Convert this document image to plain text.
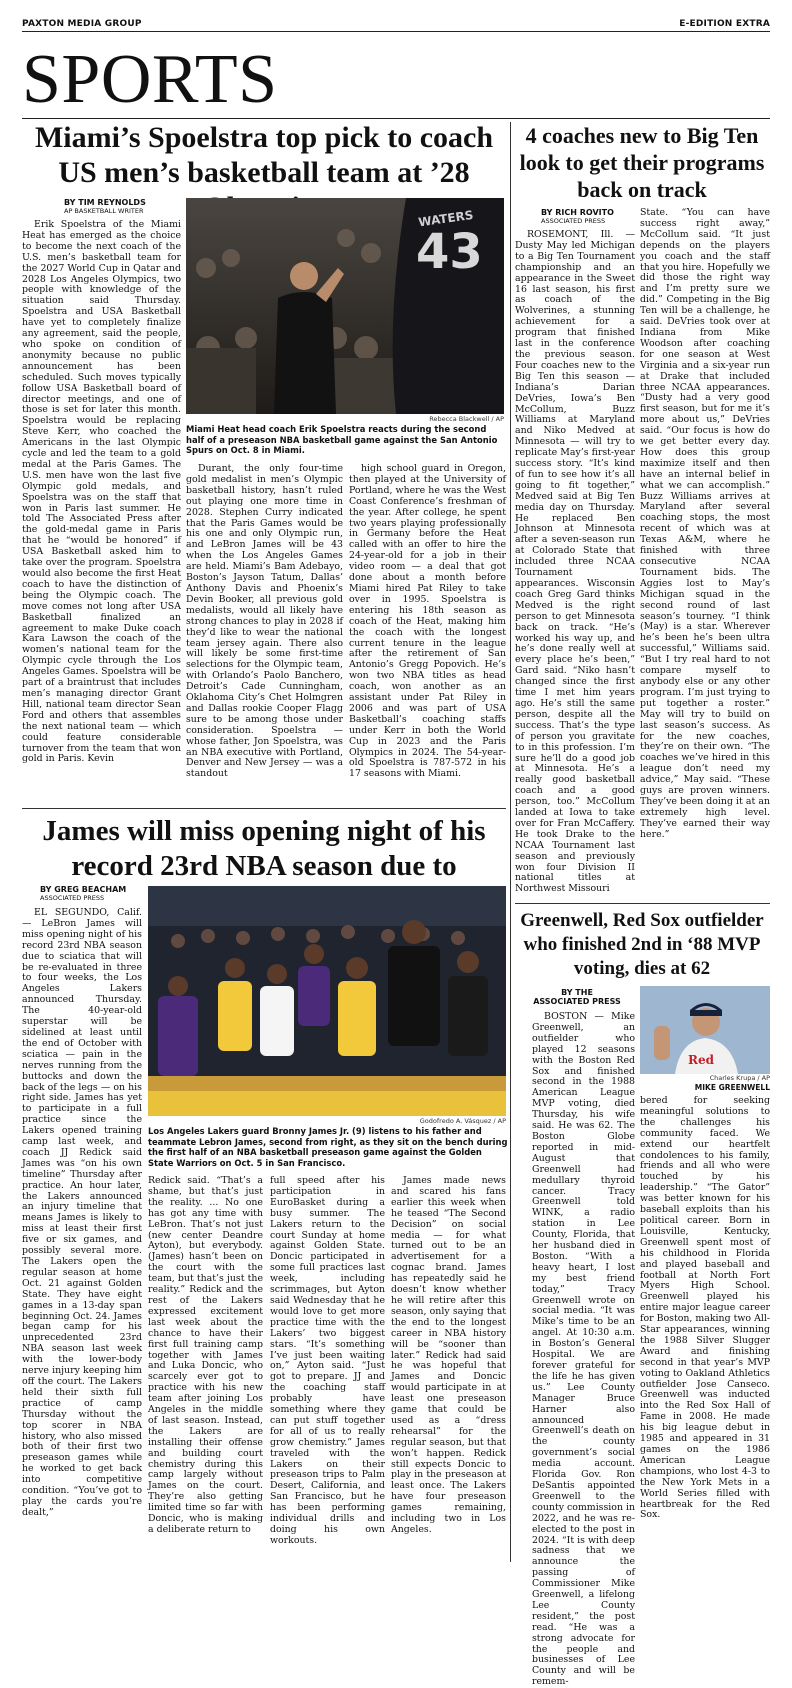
PAXTON MEDIA GROUP	E-EDITION EXTRA
SPORTS
Miami’s Spoelstra top pick to coach US men’s basketball team at ’28
BY TIM REYNOLDS
AP BASKETBALL WRITER
43
WATERS
Rebecca Blackwell / AP
Miami Heat head coach Erik Spoelstra reacts during the second half of a preseason NBA basketball game against the San Antonio Spurs on Oct. 8 in Miami.
Erik Spoelstra of the Miami Heat has emerged as the choice to become the next coach of the U.S. men’s basketball team for the 2027 World Cup in Qatar and 2028 Los Angeles Olympics, two people with knowledge of the situation said Thursday. Spoelstra and USA Basketball have yet to completely finalize any agreement, said the people, who spoke on condition of anonymity because no public announcement has been scheduled. Such moves typically follow USA Basketball board of director meetings, and one of those is set for later this month. Spoelstra would be replacing Steve Kerr, who coached the Americans in the last Olympic cycle and led the team to a gold medal at the Paris Games. The U.S. men have won the last five Olympic gold medals, and Spoelstra was on the staff that won in Paris last summer. He told The Associated Press after the gold-medal game in Paris that he “would be honored” if USA Basketball asked him to take over the program. Spoelstra would also become the first Heat coach to have the distinction of being the Olympic coach. The move comes not long after USA Basketball finalized an agreement to make Duke coach Kara Lawson the coach of the women’s national team for the Olympic cycle through the Los Angeles Games. Spoelstra will be part of a braintrust that includes men’s managing director Grant Hill, national team director Sean Ford and others that assembles the next national team — which could feature considerable turnover from the team that won gold in Paris. Kevin
Durant, the only four-time gold medalist in men’s Olympic basketball history, hasn’t ruled out playing one more time in 2028. Stephen Curry indicated that the Paris Games would be his one and only Olympic run, and LeBron James will be 43 when the Los Angeles Games are held. Miami’s Bam Adebayo, Boston’s Jayson Tatum, Dallas’ Anthony Davis and Phoenix’s Devin Booker, all previous gold medalists, would all likely have strong chances to play in 2028 if they’d like to wear the national team jersey again. There also will likely be some first-time selections for the Olympic team, with Orlando’s Paolo Banchero, Detroit’s Cade Cunningham, Oklahoma City’s Chet Holmgren and Dallas rookie Cooper Flagg sure to be among those under consideration. Spoelstra — whose father, Jon Spoelstra, was an NBA executive with Portland, Denver and New Jersey — was a standout
high school guard in Oregon, then played at the University of Portland, where he was the West Coast Conference’s freshman of the year. After college, he spent two years playing professionally in Germany before the Heat called with an offer to hire the 24-year-old for a job in their video room — a deal that got done about a month before Miami hired Pat Riley to take over in 1995. Spoelstra is entering his 18th season as coach of the Heat, making him the coach with the longest current tenure in the league after the retirement of San Antonio’s Gregg Popovich. He’s won two NBA titles as head coach, won another as an assistant under Pat Riley in 2006 and was part of USA Basketball’s coaching staffs under Kerr in both the World Cup in 2023 and the Paris Olympics in 2024. The 54-year-old Spoelstra is 787-572 in his 17 seasons with Miami.
4 coaches new to Big Ten look to get their programs back on track
BY RICH ROVITO
ASSOCIATED PRESS
ROSEMONT, Ill. — Dusty May led Michigan to a Big Ten Tournament championship and an appearance in the Sweet 16 last season, his first as coach of the Wolverines, a stunning achievement for a program that finished last in the conference the previous season. Four coaches new to the Big Ten this season — Indiana’s Darian DeVries, Iowa’s Ben McCollum, Buzz Williams at Maryland and Niko Medved at Minnesota — will try to replicate May’s first-year success story. “It’s kind of fun to see how it’s all going to fit together,” Medved said at Big Ten media day on Thursday. He replaced Ben Johnson at Minnesota after a seven-season run at Colorado State that included three NCAA Tournament appearances. Wisconsin coach Greg Gard thinks Medved is the right person to get Minnesota back on track. “He’s worked his way up, and he’s done really well at every place he’s been,” Gard said. “Niko hasn’t changed since the first time I met him years ago. He’s still the same person, despite all the success. That’s the type of person you gravitate to in this profession. I’m sure he’ll do a good job at Minnesota. He’s a really good basketball coach and a good person, too.” McCollum landed at Iowa to take over for Fran McCaffery. He took Drake to the NCAA Tournament last season and previously won four Division II national titles at Northwest Missouri
State. “You can have success right away,” McCollum said. “It just depends on the players you coach and the staff that you hire. Hopefully we did those the right way and I’m pretty sure we did.” Competing in the Big Ten will be a challenge, he said. DeVries took over at Indiana from Mike Woodson after coaching for one season at West Virginia and a six-year run at Drake that included three NCAA appearances. “Dusty had a very good first season, but for me it’s more about us,” DeVries said. “Our focus is how do we get better every day. How does this group maximize itself and then have an internal belief in what we can accomplish.” Buzz Williams arrives at Maryland after several coaching stops, the most recent of which was at Texas A&M, where he finished with three consecutive NCAA Tournament bids. The Aggies lost to May’s Michigan squad in the second round of last season’s tourney. “I think (May) is a star. Wherever he’s been he’s been ultra successful,” Williams said. “But I try real hard to not compare myself to anybody else or any other program. I’m just trying to put together a roster.” May will try to build on last season’s success. As for the new coaches, they’re on their own. “The coaches we’ve hired in this league don’t need my advice,” May said. “These guys are proven winners. They’ve been doing it at an extremely high level. They’ve earned their way here.”
James will miss opening night of his record 23rd NBA season due to
BY GREG BEACHAM
ASSOCIATED PRESS
Godofredo A. Vásquez / AP
Los Angeles Lakers guard Bronny James Jr. (9) listens to his father and teammate Lebron James, second from right, as they sit on the bench during the first half of an NBA basketball preseason game against the Golden State Warriors on Oct. 5 in San Francisco.
EL SEGUNDO, Calif. — LeBron James will miss opening night of his record 23rd NBA season due to sciatica that will be re-evaluated in three to four weeks, the Los Angeles Lakers announced Thursday. The 40-year-old superstar will be sidelined at least until the end of October with sciatica — pain in the nerves running from the buttocks and down the back of the legs — on his right side. James has yet to participate in a full practice since the Lakers opened training camp last week, and coach JJ Redick said James was “on his own timeline” Thursday after practice. An hour later, the Lakers announced an injury timeline that means James is likely to miss at least their first five or six games, and possibly several more. The Lakers open the regular season at home Oct. 21 against Golden State. They have eight games in a 13-day span beginning Oct. 24. James began camp for his unprecedented 23rd NBA season last week with the lower-body nerve injury keeping him off the court. The Lakers held their sixth full practice of camp Thursday without the top scorer in NBA history, who also missed both of their first two preseason games while he worked to get back into competitive condition. “You’ve got to play the cards you’re dealt,”
Redick said. “That’s a shame, but that’s just the reality. ... No one has got any time with LeBron. That’s not just (new center Deandre Ayton), but everybody. (James) hasn’t been on the court with the team, but that’s just the reality.” Redick and the rest of the Lakers expressed excitement last week about the chance to have their first full training camp together with James and Luka Doncic, who scarcely ever got to practice with his new team after joining Los Angeles in the middle of last season. Instead, the Lakers are installing their offense and building court chemistry during this camp largely without James on the court. They’re also getting limited time so far with Doncic, who is making a deliberate return to
full speed after his participation in EuroBasket during a busy summer. The Lakers return to the court Sunday at home against Golden State. Doncic participated in some full practices last week, including scrimmages, but Ayton said Wednesday that he would love to get more practice time with the Lakers’ two biggest stars. “It’s something I’ve just been waiting on,” Ayton said. “Just got to prepare. JJ and the coaching staff probably have something where they can put stuff together for all of us to really grow chemistry.” James traveled with the Lakers on their preseason trips to Palm Desert, California, and San Francisco, but he has been performing individual drills and doing his own workouts.
James made news and scared his fans earlier this week when he teased “The Second Decision” on social media — for what turned out to be an advertisement for a cognac brand. James has repeatedly said he doesn’t know whether he will retire after this season, only saying that the end to the longest career in NBA history will be “sooner than later.” Redick had said he was hopeful that James and Doncic would participate in at least one preseason game that could be used as a “dress rehearsal” for the regular season, but that won’t happen. Redick still expects Doncic to play in the preseason at least once. The Lakers have four preseason games remaining, including two in Los Angeles.
Greenwell, Red Sox outfielder who finished 2nd in ‘88 MVP voting, dies at 62
BY THE ASSOCIATED PRESS
Red
Charles Krupa / AP
MIKE GREENWELL
BOSTON — Mike Greenwell, an outfielder who played 12 seasons with the Boston Red Sox and finished second in the 1988 American League MVP voting, died Thursday, his wife said. He was 62. The Boston Globe reported in mid-August that Greenwell had medullary thyroid cancer. Tracy Greenwell told WINK, a radio station in Lee County, Florida, that her husband died in Boston. “With a heavy heart, I lost my best friend today,” Tracy Greenwell wrote on social media. “It was Mike’s time to be an angel. At 10:30 a.m. in Boston’s General Hospital. We are forever grateful for the life he has given us.” Lee County Manager Bruce Harner also announced Greenwell’s death on the county government’s social media account. Florida Gov. Ron DeSantis appointed Greenwell to the county commission in 2022, and he was re-elected to the post in 2024. “It is with deep sadness that we announce the passing of Commissioner Mike Greenwell, a lifelong Lee County resident,” the post read. “He was a strong advocate for the people and businesses of Lee County and will be remem-
bered for seeking meaningful solutions to the challenges his community faced. We extend our heartfelt condolences to his family, friends and all who were touched by his leadership.” “The Gator” was better known for his baseball exploits than his political career. Born in Louisville, Kentucky, Greenwell spent most of his childhood in Florida and played baseball and football at North Fort Myers High School. Greenwell played his entire major league career for Boston, making two All-Star appearances, winning the 1988 Silver Slugger Award and finishing second in that year’s MVP voting to Oakland Athletics outfielder Jose Canseco. Greenwell was inducted into the Red Sox Hall of Fame in 2008. He made his big league debut in 1985 and appeared in 31 games on the 1986 American League champions, who lost 4-3 to the New York Mets in a World Series filled with heartbreak for the Red Sox.
